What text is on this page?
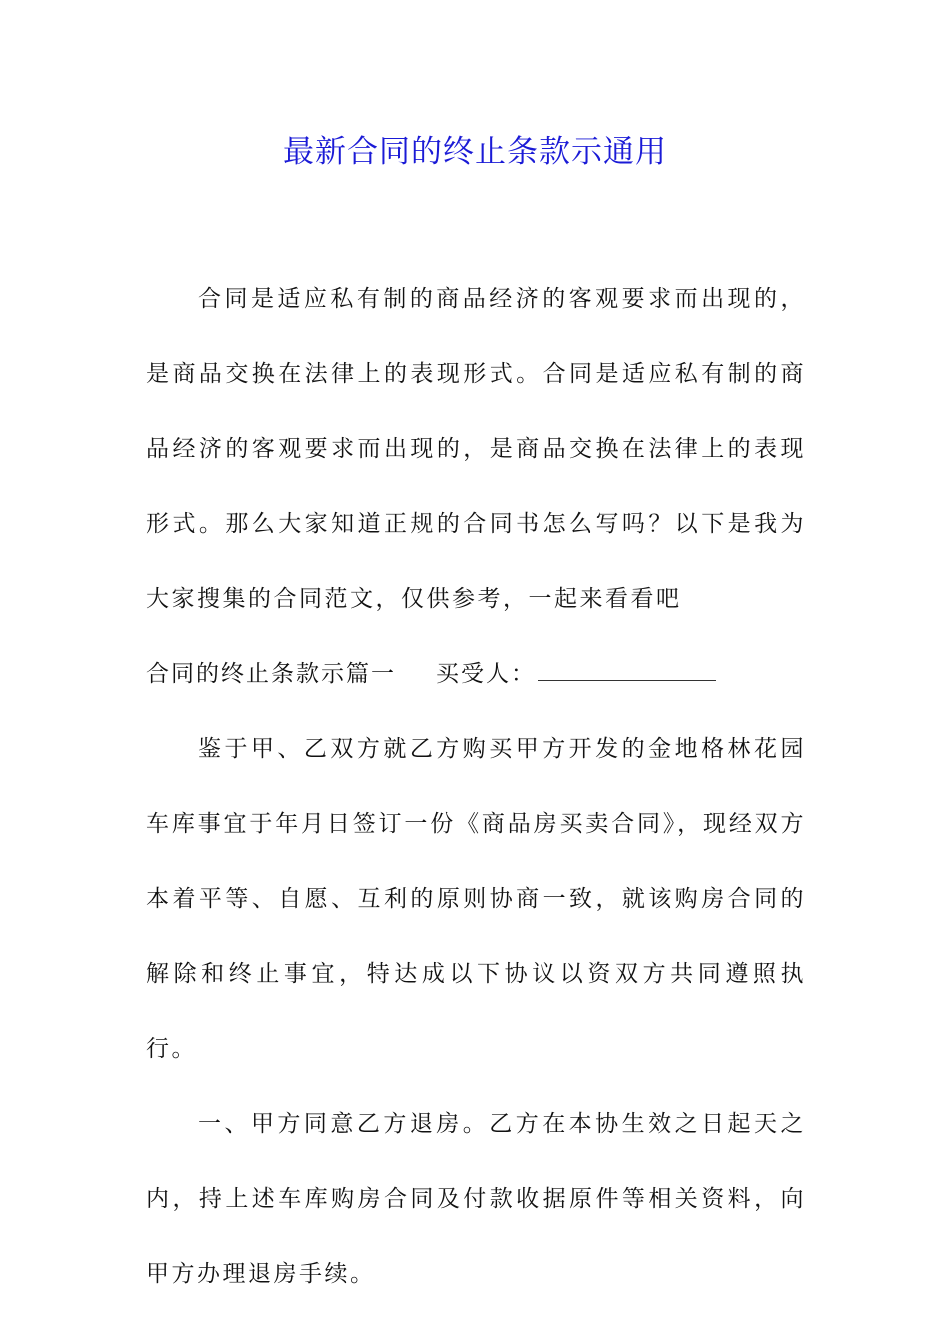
最新合同的终止条款示通用

合同是适应私有制的商品经济的客观要求而出现的，是商品交换在法律上的表现形式。合同是适应私有制的商品经济的客观要求而出现的，是商品交换在法律上的表现形式。那么大家知道正规的合同书怎么写吗？以下是我为大家搜集的合同范文，仅供参考，一起来看看吧

合同的终止条款示篇一 买受人：

鉴于甲、乙双方就乙方购买甲方开发的金地格林花园车库事宜于年月日签订一份《商品房买卖合同》，现经双方本着平等、自愿、互利的原则协商一致，就该购房合同的解除和终止事宜，特达成以下协议以资双方共同遵照执行。

一、甲方同意乙方退房。乙方在本协生效之日起天之内，持上述车库购房合同及付款收据原件等相关资料，向甲方办理退房手续。
